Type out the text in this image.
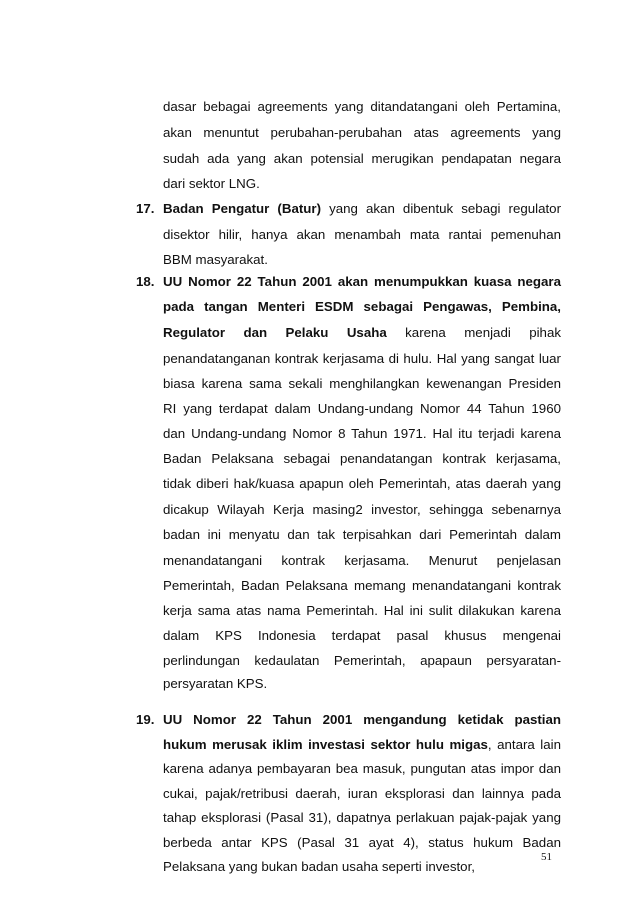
dasar bebagai agreements yang ditandatangani oleh Pertamina,
akan menuntut perubahan-perubahan atas agreements yang
sudah ada yang akan potensial merugikan pendapatan negara
dari sektor LNG.
17. Badan Pengatur (Batur) yang akan dibentuk sebagi regulator
disektor hilir, hanya akan menambah mata rantai pemenuhan
BBM masyarakat.
18. UU Nomor 22 Tahun 2001 akan menumpukkan kuasa negara
pada tangan Menteri ESDM sebagai Pengawas, Pembina,
Regulator dan Pelaku Usaha karena menjadi pihak
penandatanganan kontrak kerjasama di hulu. Hal yang sangat luar
biasa karena sama sekali menghilangkan kewenangan Presiden
RI yang terdapat dalam Undang-undang Nomor 44 Tahun 1960
dan Undang-undang Nomor 8 Tahun 1971. Hal itu terjadi karena
Badan Pelaksana sebagai penandatangan kontrak kerjasama,
tidak diberi hak/kuasa apapun oleh Pemerintah, atas daerah yang
dicakup Wilayah Kerja masing2 investor, sehingga sebenarnya
badan ini menyatu dan tak terpisahkan dari Pemerintah dalam
menandatangani kontrak kerjasama. Menurut penjelasan
Pemerintah, Badan Pelaksana memang menandatangani kontrak
kerja sama atas nama Pemerintah. Hal ini sulit dilakukan karena
dalam KPS Indonesia terdapat pasal khusus mengenai
perlindungan kedaulatan Pemerintah, apapaun persyaratan-
persyaratan KPS.
19. UU Nomor 22 Tahun 2001 mengandung ketidak pastian
hukum merusak iklim investasi sektor hulu migas, antara lain
karena adanya pembayaran bea masuk, pungutan atas impor dan
cukai, pajak/retribusi daerah, iuran eksplorasi dan lainnya pada
tahap eksplorasi (Pasal 31), dapatnya perlakuan pajak-pajak yang
berbeda antar KPS (Pasal 31 ayat 4), status hukum Badan
Pelaksana yang bukan badan usaha seperti investor,
51
